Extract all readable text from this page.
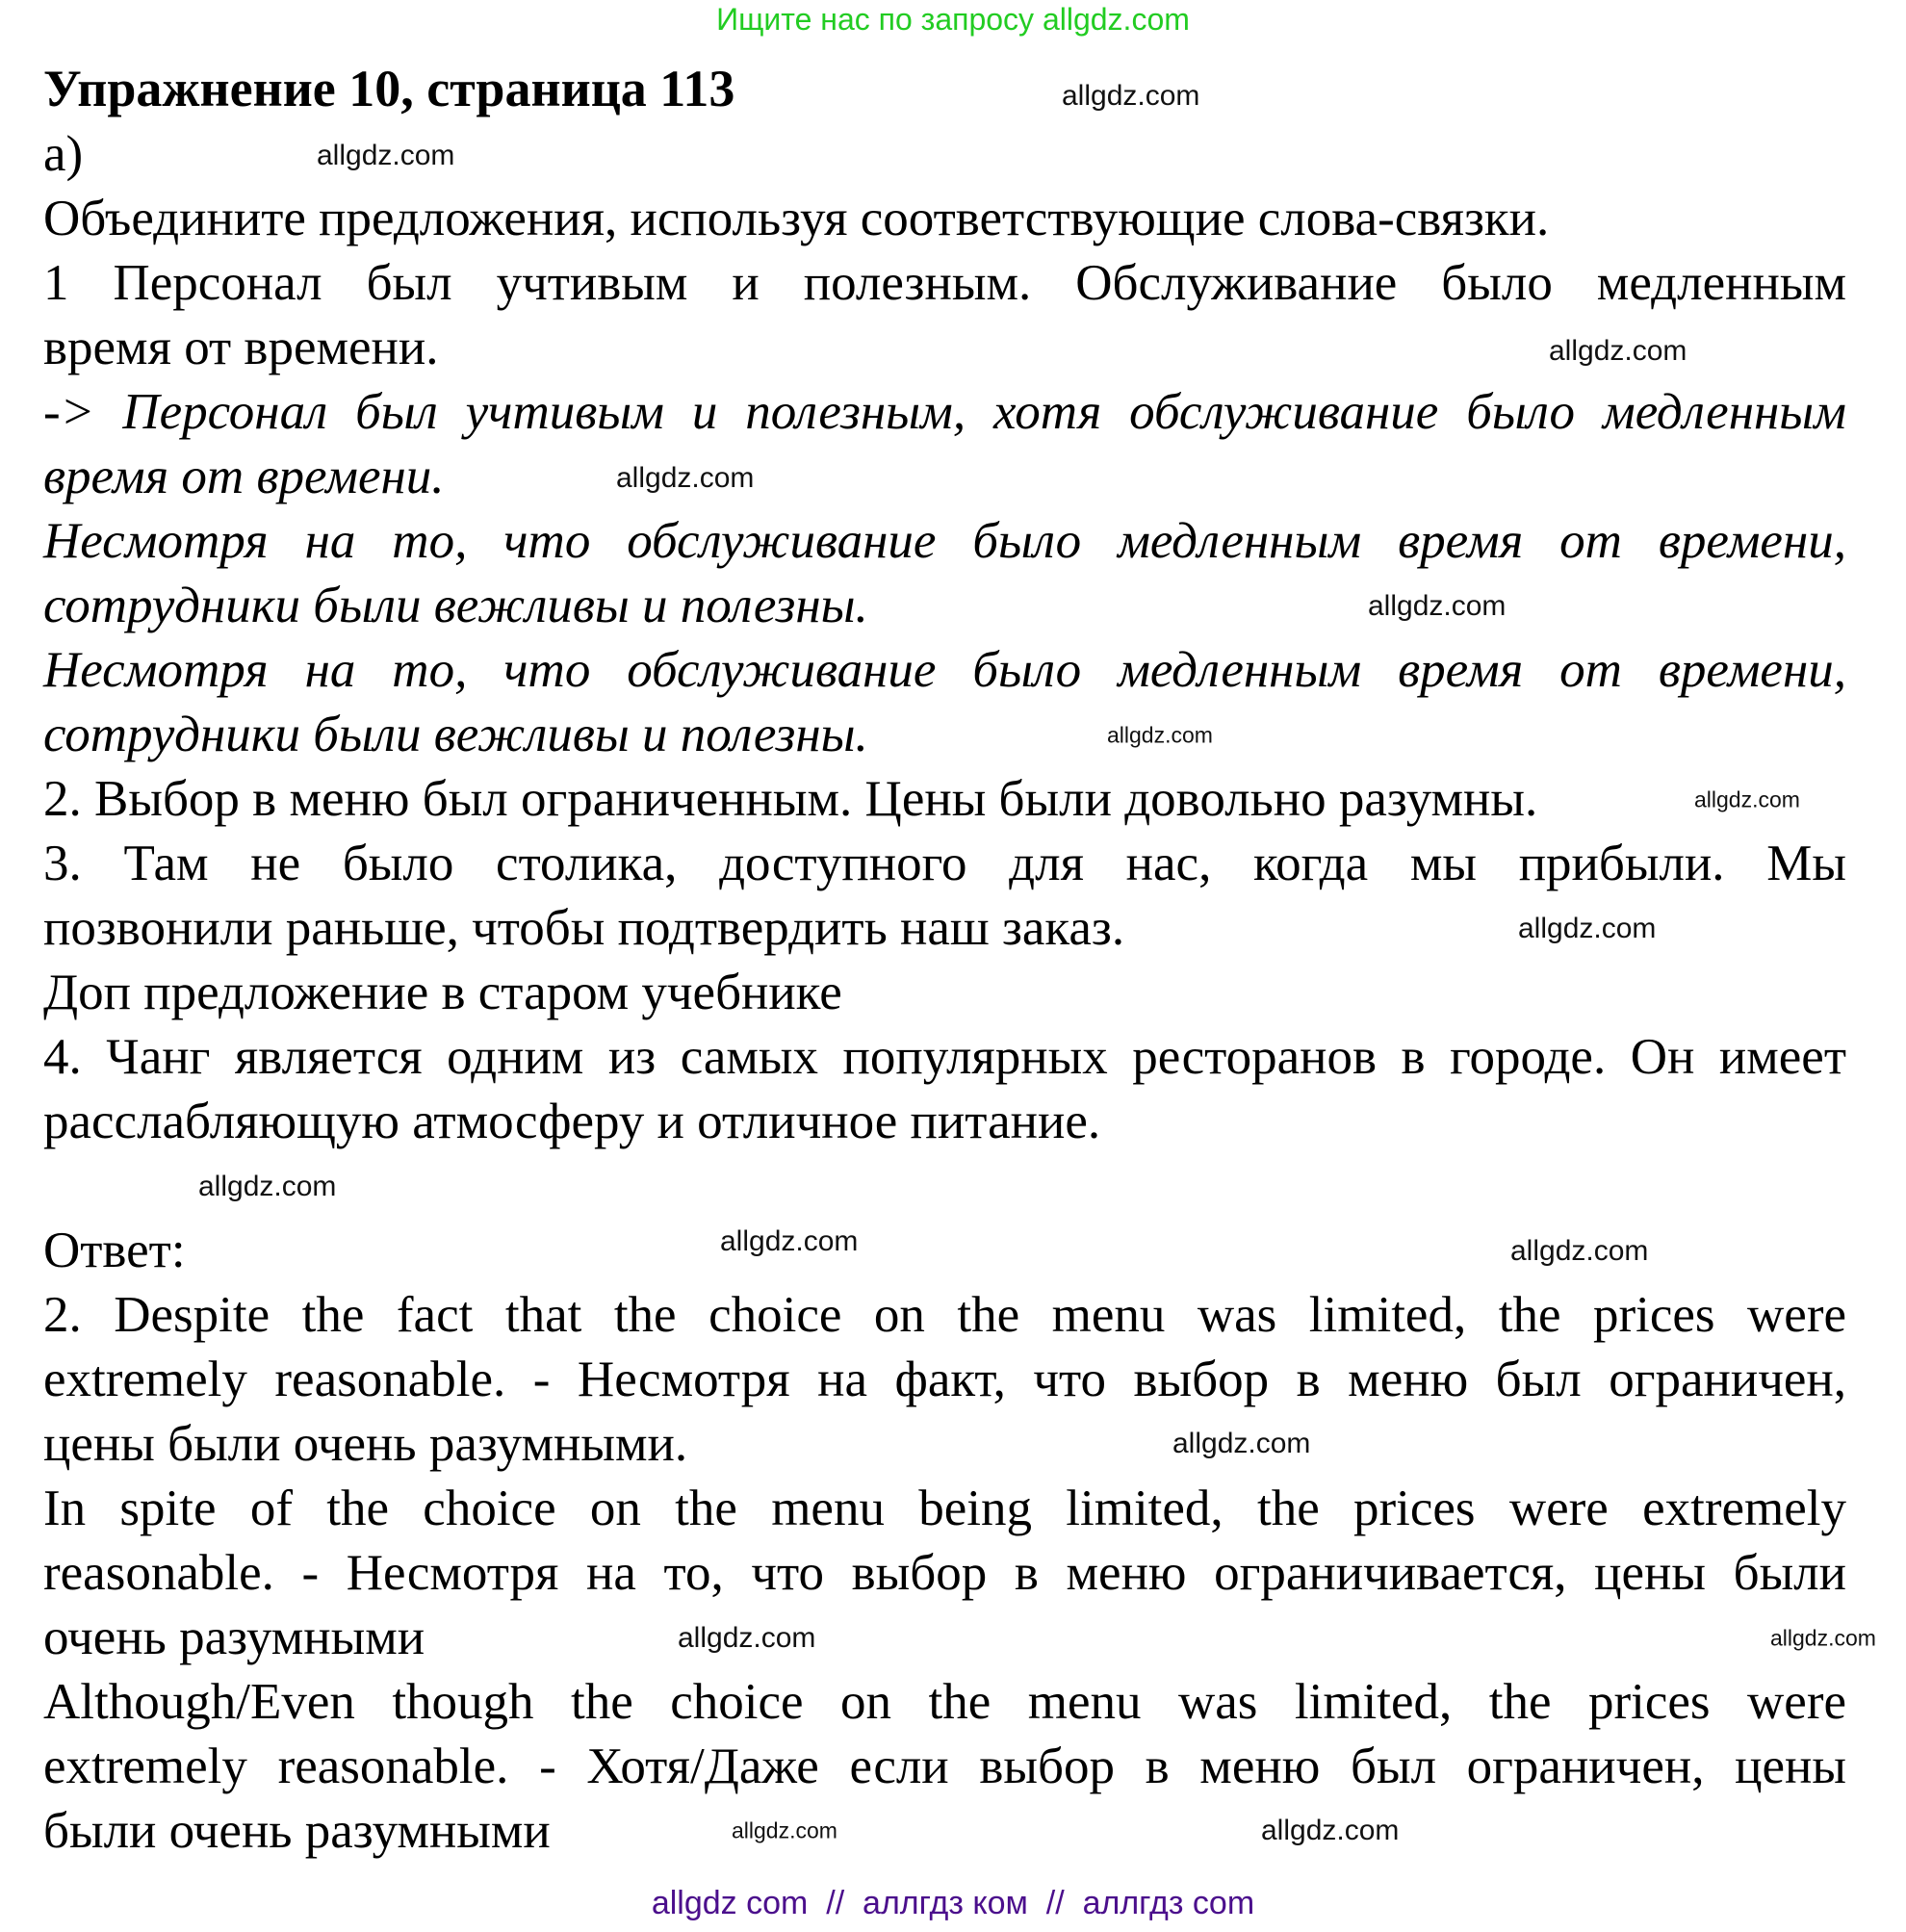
Ищите нас по запросу allgdz.com
Упражнение 10, страница 113
а)
Объедините предложения, используя соответствующие слова-связки.
1 Персонал был учтивым и полезным. Обслуживание было медленным
время от времени.
-> Персонал был учтивым и полезным, хотя обслуживание было медленным
время от времени.
Несмотря на то, что обслуживание было медленным время от времени,
сотрудники были вежливы и полезны.
Несмотря на то, что обслуживание было медленным время от времени,
сотрудники были вежливы и полезны.
2. Выбор в меню был ограниченным. Цены были довольно разумны.
3. Там не было столика, доступного для нас, когда мы прибыли. Мы
позвонили раньше, чтобы подтвердить наш заказ.
Доп предложение в старом учебнике
4. Чанг является одним из самых популярных ресторанов в городе. Он имеет
расслабляющую атмосферу и отличное питание.
Ответ:
2. Despite the fact that the choice on the menu was limited, the prices were
extremely reasonable. - Несмотря на факт, что выбор в меню был ограничен,
цены были очень разумными.
In spite of the choice on the menu being limited, the prices were extremely
reasonable. - Несмотря на то, что выбор в меню ограничивается, цены были
очень разумными
Although/Even though the choice on the menu was limited, the prices were
extremely reasonable. - Хотя/Даже если выбор в меню был ограничен, цены
были очень разумными
allgdz.com
allgdz.com
allgdz.com
allgdz.com
allgdz.com
allgdz.com
allgdz.com
allgdz.com
allgdz.com
allgdz.com	allgdz.com
allgdz.com
allgdz.com	allgdz.com
allgdz.com	allgdz.com
allgdz com  //  аллгдз ком  //  аллгдз com
